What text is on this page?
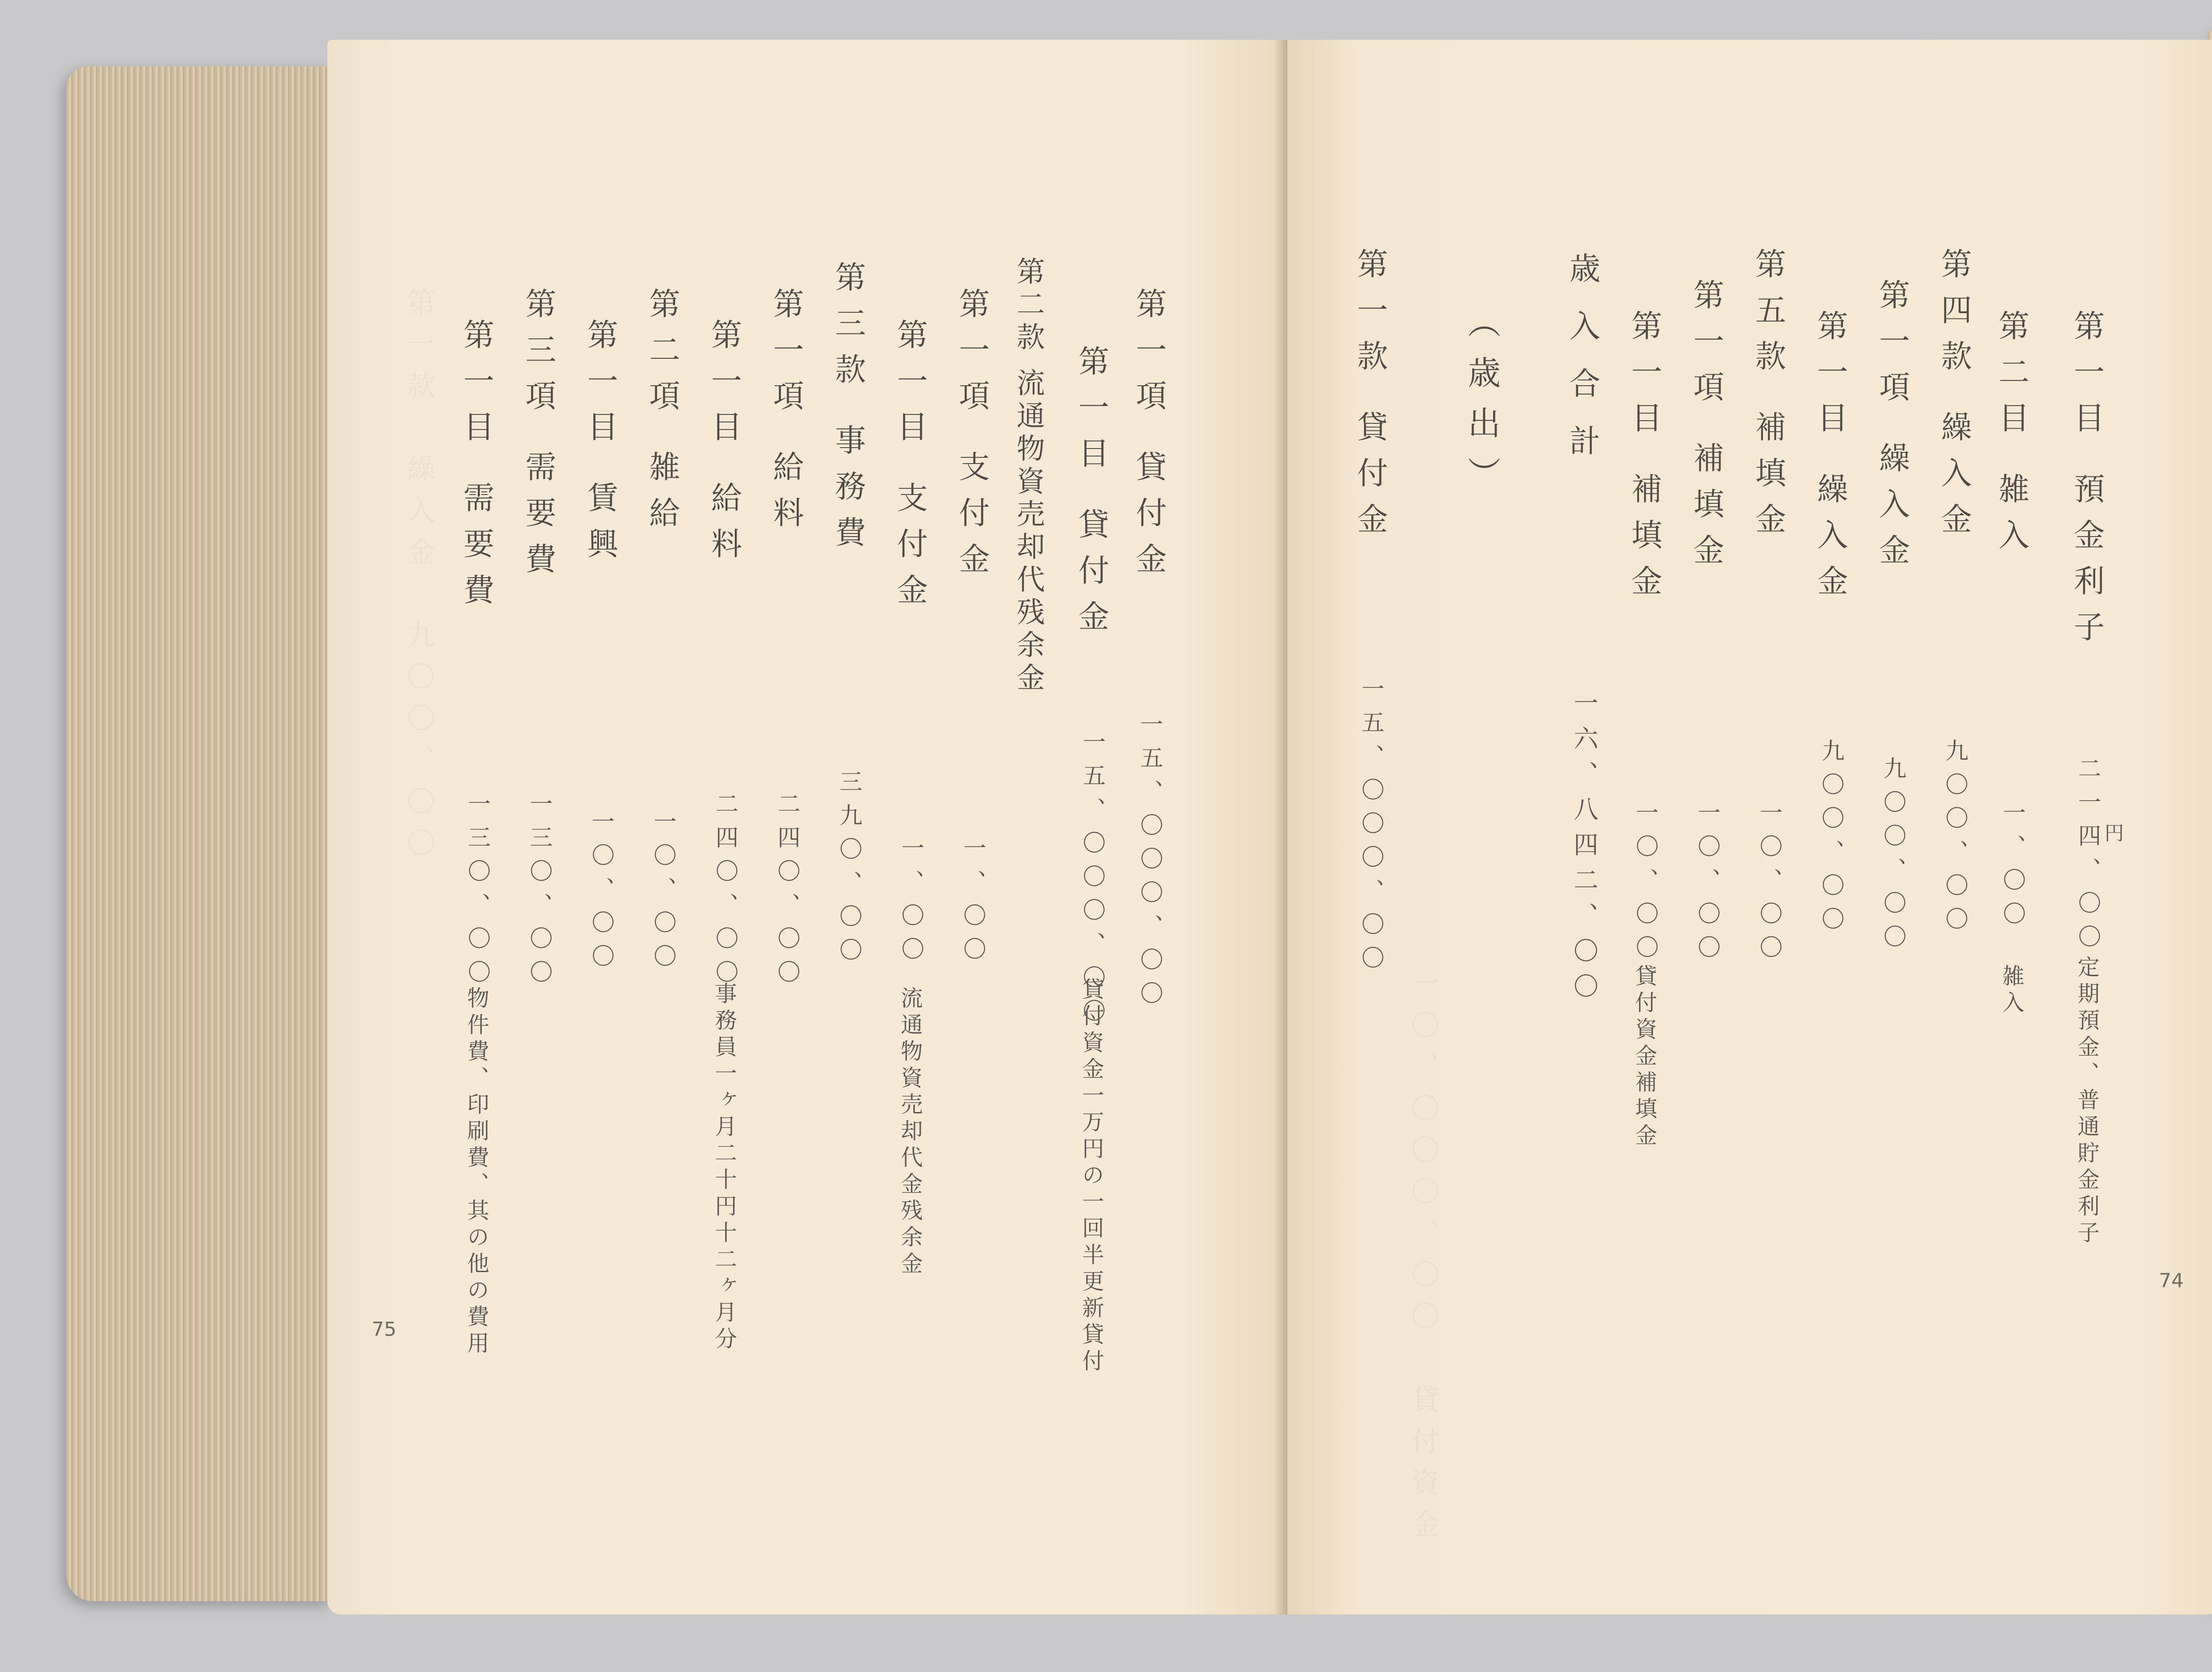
第一款　繰入金　九〇〇、〇〇	第一項 貸付金
一五、〇〇〇、〇〇
第一目 貸付金
一五、〇〇〇、〇〇
貸付資金一万円の一回半更新貸付
第二款 流通物資売却代残余金
第一項 支付金
一、〇〇
第一目 支付金
一、〇〇
流通物資売却代金残余金
第三款 事務費
三九〇、〇〇
第一項 給料
二四〇、〇〇
第一目 給料
二四〇、〇〇
事務員一ヶ月二十円十二ヶ月分
第二項 雑給
一〇、〇〇
第一目 賃興
一〇、〇〇
第三項 需要費
一三〇、〇〇
第一目 需要費
一三〇、〇〇
物件費、印刷費、其の他の費用
75	一〇、〇〇〇、〇〇　貸付資金
第一目 預金利子
二一四、〇〇 円
定期預金、普通貯金利子
第二目 雑入
一、〇〇
雑入
第四款 繰入金
九〇〇、〇〇
第一項 繰入金
九〇〇、〇〇
第一目 繰入金
九〇〇、〇〇
第五款 補填金
一〇、〇〇
第一項 補填金
一〇、〇〇
第一目 補填金
一〇、〇〇
貸付資金補填金
歳入合計
一六、八四二、〇〇
（歳出）
第一款 貸付金
一五、〇〇〇、〇〇
74
